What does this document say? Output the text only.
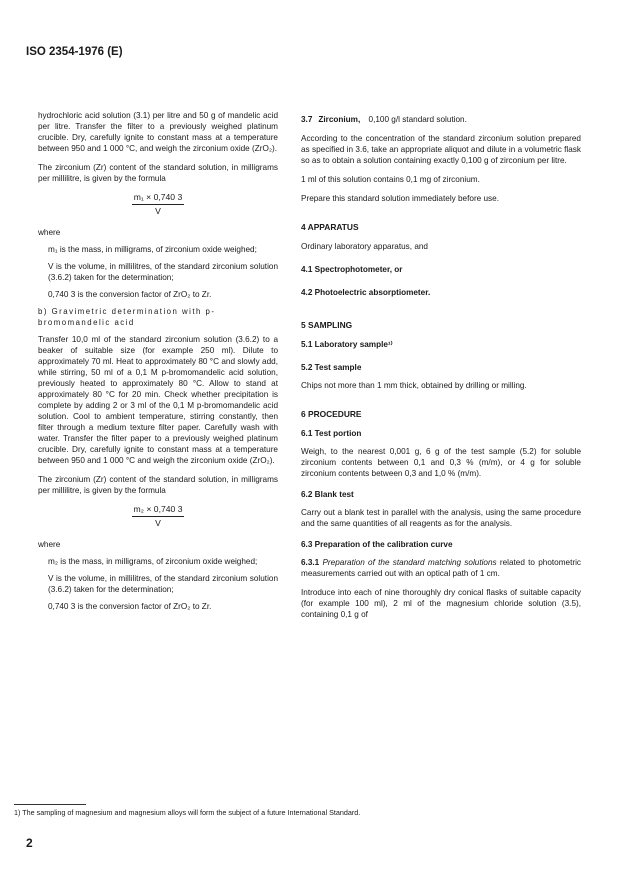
ISO 2354-1976 (E)

hydrochloric acid solution (3.1) per litre and 50 g of mandelic acid per litre. Transfer the filter to a previously weighed platinum crucible. Dry, carefully ignite to constant mass at a temperature between 950 and 1 000 °C, and weigh the zirconium oxide (ZrO₂).

The zirconium (Zr) content of the standard solution, in milligrams per millilitre, is given by the formula

$\frac{\text{m₁ × 0,740 3}}{V}$
where
m₁ is the mass, in milligrams, of zirconium oxide weighed;
V is the volume, in millilitres, of the standard zirconium solution (3.6.2) taken for the determination;
0,740 3 is the conversion factor of ZrO₂ to Zr.
b) Gravimetric determination with p-bromomandelic acid

Transfer 10,0 ml of the standard zirconium solution (3.6.2) to a beaker of suitable size (for example 250 ml). Dilute to approximately 70 ml. Heat to approximately 80 °C and slowly add, while stirring, 50 ml of a 0,1 M p-bromomandelic acid solution, previously heated to approximately 80 °C. Allow to stand at approximately 80 °C for 20 min. Check whether precipitation is complete by adding 2 or 3 ml of the 0,1 M p-bromomandelic acid solution. Cool to ambient temperature, stirring constantly, then filter through a medium texture filter paper. Carefully wash with water. Transfer the filter paper to a previously weighed platinum crucible. Dry, carefully ignite to constant mass at a temperature between 950 and 1 000 °C and weigh the zirconium oxide (ZrO₂).

The zirconium (Zr) content of the standard solution, in milligrams per millilitre, is given by the formula

$\frac{\text{m₂ × 0,740 3}}{V}$
where
m₂ is the mass, in milligrams, of zirconium oxide weighed;
V is the volume, in millilitres, of the standard zirconium solution (3.6.2) taken for the determination;
0,740 3 is the conversion factor of ZrO₂ to Zr.
3.7 Zirconium, 0,100 g/l standard solution.

According to the concentration of the standard zirconium solution prepared as specified in 3.6, take an appropriate aliquot and dilute in a volumetric flask so as to obtain a solution containing exactly 0,100 g of zirconium per litre.

1 ml of this solution contains 0,1 mg of zirconium.

Prepare this standard solution immediately before use.

4 APPARATUS

Ordinary laboratory apparatus, and

4.1 Spectrophotometer, or
4.2 Photoelectric absorptiometer.
5 SAMPLING
5.1 Laboratory sample¹⁾
5.2 Test sample

Chips not more than 1 mm thick, obtained by drilling or milling.

6 PROCEDURE
6.1 Test portion

Weigh, to the nearest 0,001 g, 6 g of the test sample (5.2) for soluble zirconium contents between 0,1 and 0,3 % (m/m), or 4 g for soluble zirconium contents between 0,3 and 1,0 % (m/m).

6.2 Blank test

Carry out a blank test in parallel with the analysis, using the same procedure and the same quantities of all reagents as for the analysis.

6.3 Preparation of the calibration curve

6.3.1 Preparation of the standard matching solutions related to photometric measurements carried out with an optical path of 1 cm.

Introduce into each of nine thoroughly dry conical flasks of suitable capacity (for example 100 ml), 2 ml of the magnesium chloride solution (3.5), containing 0,1 g of

1) The sampling of magnesium and magnesium alloys will form the subject of a future International Standard.
2
